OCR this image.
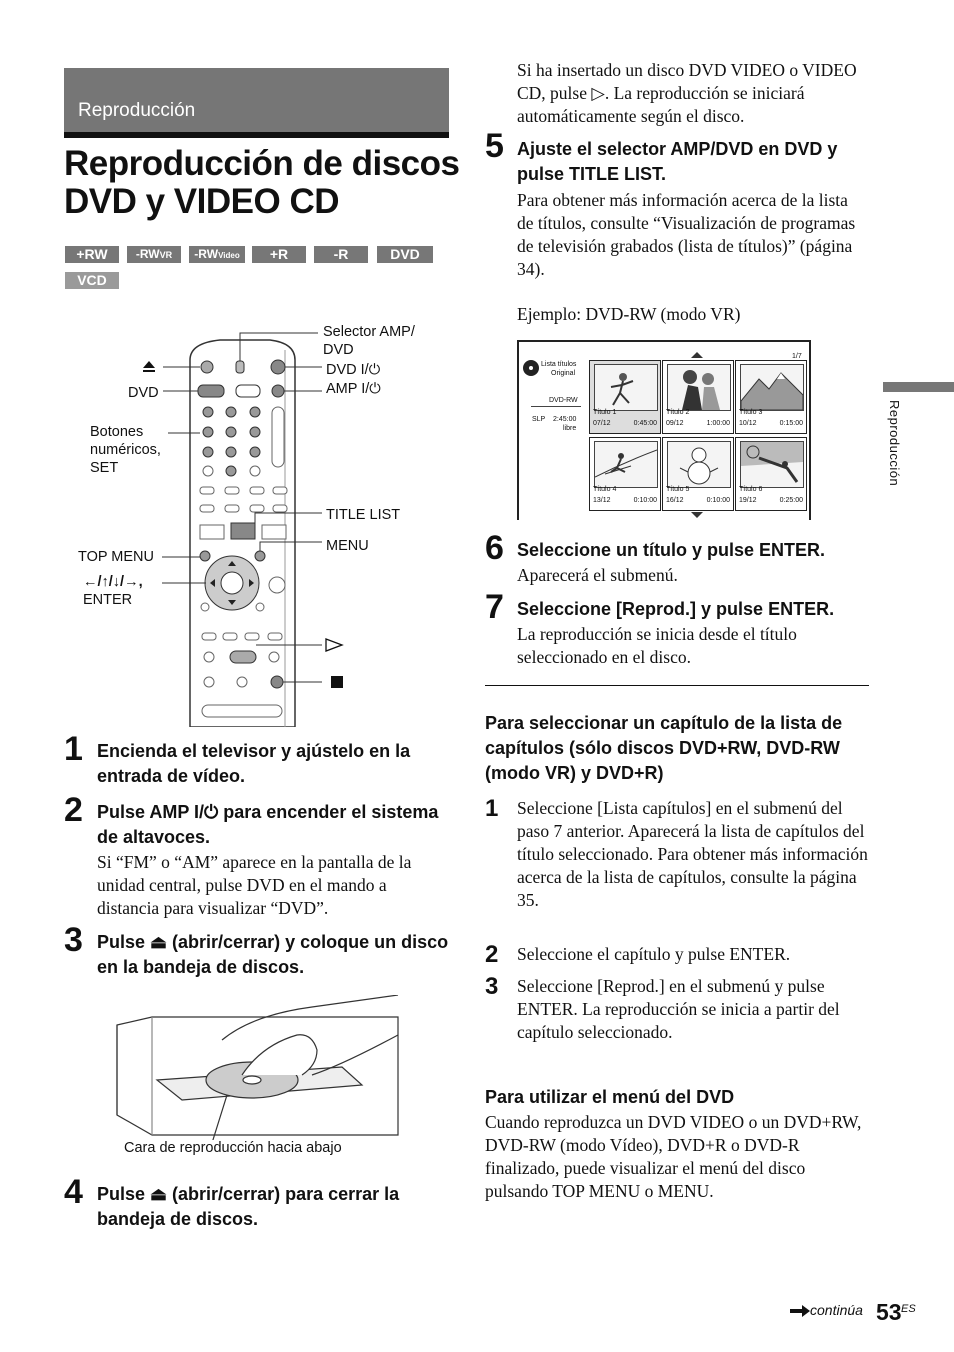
Reproducción
Reproducción de discos
DVD y VIDEO CD
+RW	-RWVR	-RWVideo	+R	-R	DVD
VCD
Selector AMP/ DVD
DVD I/⏻
AMP I/⏻
DVD
Botones numéricos, SET
TITLE LIST
TOP MENU
MENU
←/↑/↓/→,
ENTER
1 Encienda el televisor y ajústelo en la entrada de vídeo.
2 Pulse AMP I/⏻ para encender el sistema de altavoces.
Si “FM” o “AM” aparece en la pantalla de la unidad central, pulse DVD en el mando a distancia para visualizar “DVD”.
3 Pulse ⏏ (abrir/cerrar) y coloque un disco en la bandeja de discos.
Cara de reproducción hacia abajo
4 Pulse ⏏ (abrir/cerrar) para cerrar la bandeja de discos.
Si ha insertado un disco DVD VIDEO o VIDEO CD, pulse ▷. La reproducción se iniciará automáticamente según el disco.
5 Ajuste el selector AMP/DVD en DVD y pulse TITLE LIST.
Para obtener más información acerca de la lista de títulos, consulte “Visualización de programas de televisión grabados (lista de títulos)” (página 34).
Ejemplo: DVD-RW (modo VR)
Lista títulos
Original
DVD-RW
SLP 2:45:00
libre
1/7
Título 1
07/12	0:45:00
Título 2
09/12	1:00:00
Título 3
10/12	0:15:00
Título 4
13/12	0:10:00
Título 5
16/12	0:10:00
Título 6
19/12	0:25:00
6 Seleccione un título y pulse ENTER.
Aparecerá el submenú.
7 Seleccione [Reprod.] y pulse ENTER.
La reproducción se inicia desde el título seleccionado en el disco.
Para seleccionar un capítulo de la lista de capítulos (sólo discos DVD+RW, DVD-RW (modo VR) y DVD+R)
1 Seleccione [Lista capítulos] en el submenú del paso 7 anterior. Aparecerá la lista de capítulos del título seleccionado. Para obtener más información acerca de la lista de capítulos, consulte la página 35.
2 Seleccione el capítulo y pulse ENTER.
3 Seleccione [Reprod.] en el submenú y pulse ENTER. La reproducción se inicia a partir del capítulo seleccionado.
Para utilizar el menú del DVD
Cuando reproduzca un DVD VIDEO o un DVD+RW, DVD-RW (modo Vídeo), DVD+R o DVD-R finalizado, puede visualizar el menú del disco pulsando TOP MENU o MENU.
Reproducción
continúa 53 ES
